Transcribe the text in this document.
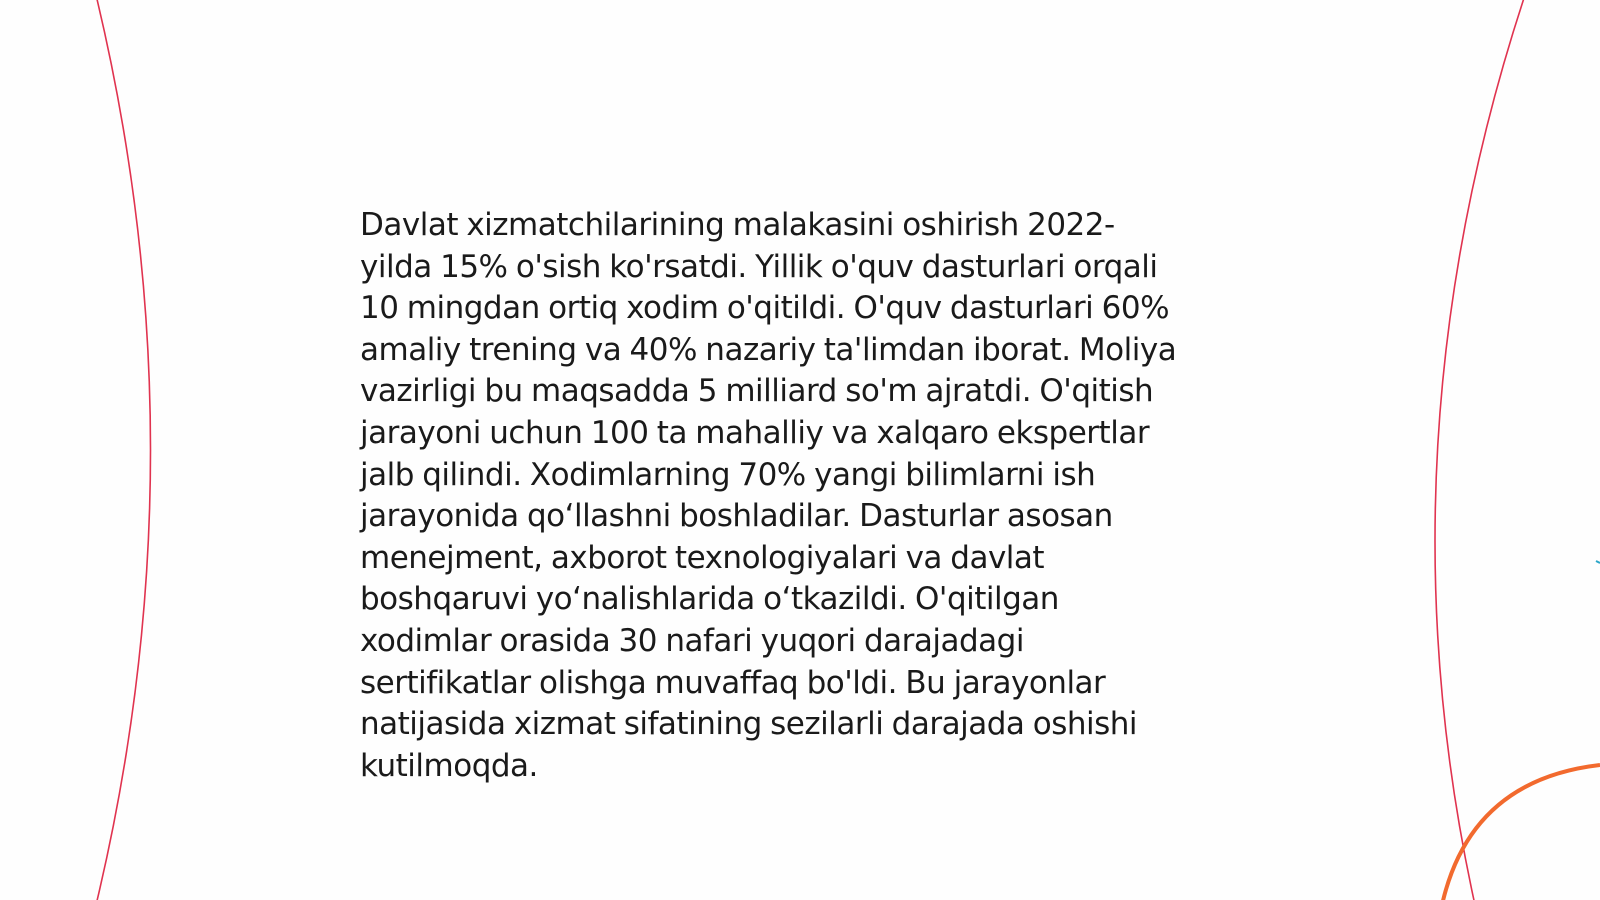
Davlat xizmatchilarining malakasini oshirish 2022-
yilda 15% o'sish ko'rsatdi. Yillik o'quv dasturlari orqali
10 mingdan ortiq xodim o'qitildi. O'quv dasturlari 60%
amaliy trening va 40% nazariy ta'limdan iborat. Moliya
vazirligi bu maqsadda 5 milliard so'm ajratdi. O'qitish
jarayoni uchun 100 ta mahalliy va xalqaro ekspertlar
jalb qilindi. Xodimlarning 70% yangi bilimlarni ish
jarayonida qo‘llashni boshladilar. Dasturlar asosan
menejment, axborot texnologiyalari va davlat
boshqaruvi yo‘nalishlarida o‘tkazildi. O'qitilgan
xodimlar orasida 30 nafari yuqori darajadagi
sertifikatlar olishga muvaffaq bo'ldi. Bu jarayonlar
natijasida xizmat sifatining sezilarli darajada oshishi
kutilmoqda.
